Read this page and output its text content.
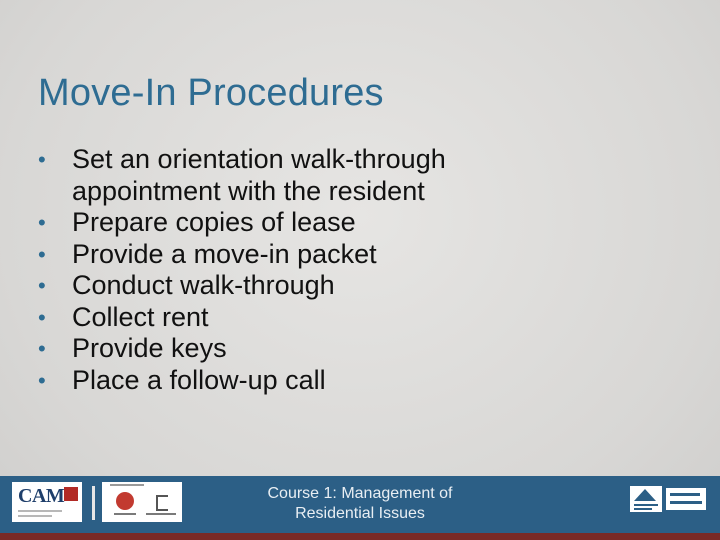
Move-In Procedures
• Set an orientation walk-through appointment with the resident
• Prepare copies of lease
• Provide a move-in packet
• Conduct walk-through
• Collect rent
• Provide keys
• Place a follow-up call
CAM	Course 1: Management of
Residential Issues
